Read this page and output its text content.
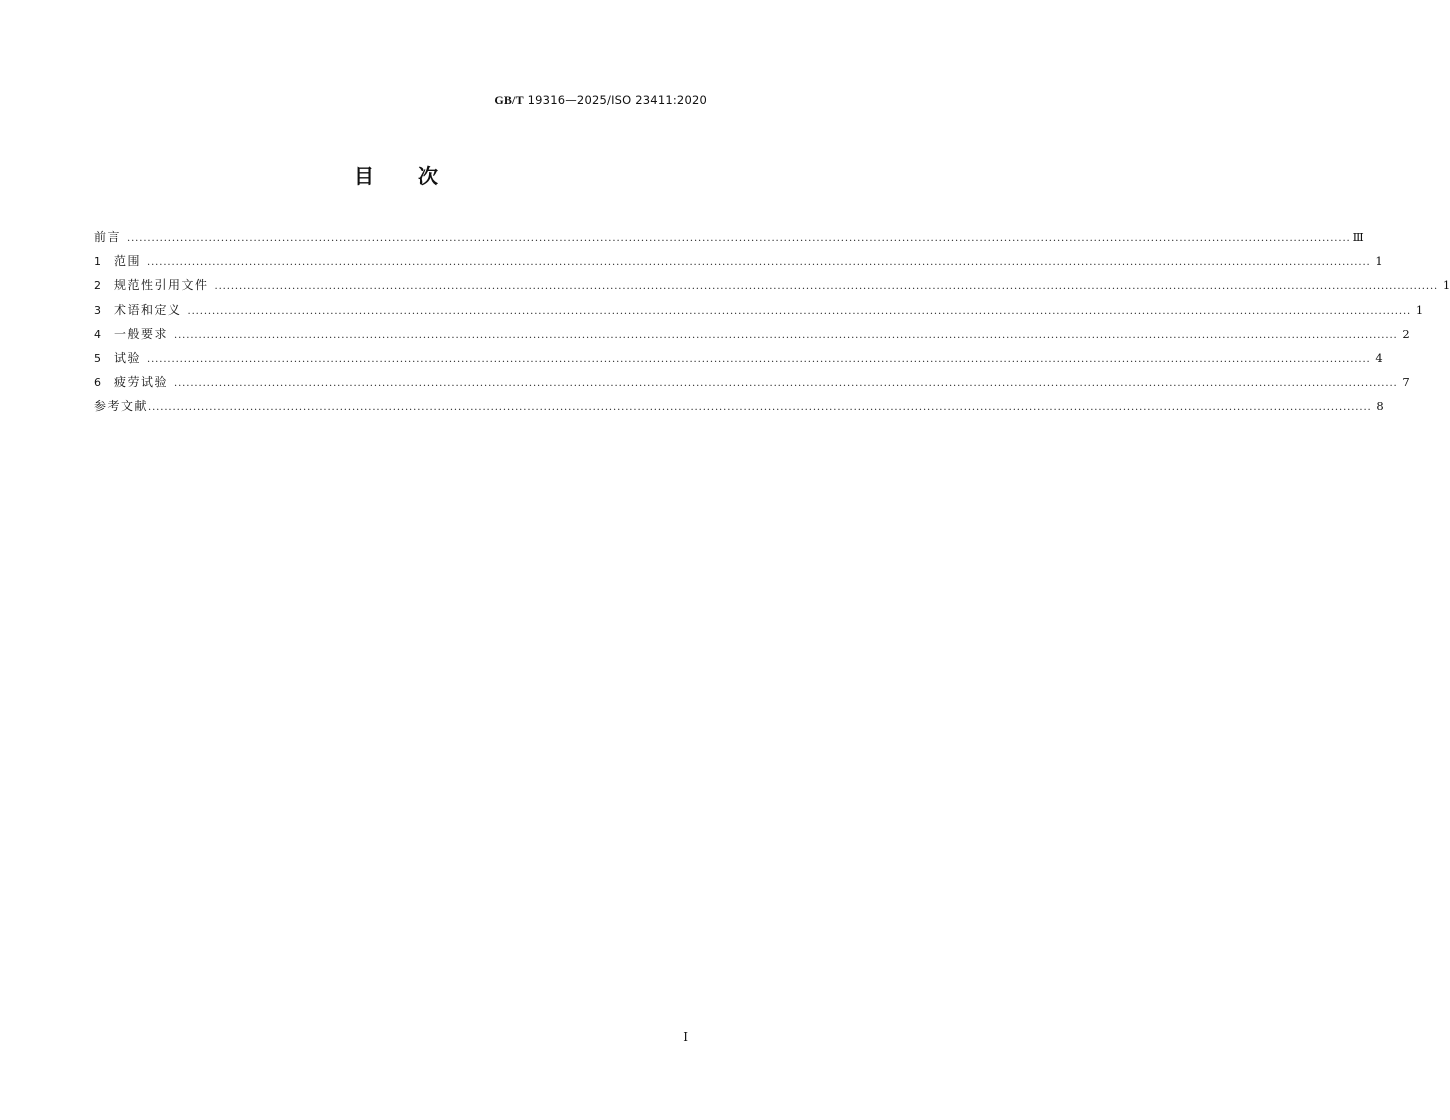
GB/T 19316—2025/ISO 23411:2020
目次
前言 ............................................................................................................................................................................................................................................................................................................ Ⅲ
1	范围 ............................................................................................................................................................................................................................................................................................................ 1
2	规范性引用文件 ............................................................................................................................................................................................................................................................................................................ 1
3	术语和定义 ............................................................................................................................................................................................................................................................................................................ 1
4	一般要求 ............................................................................................................................................................................................................................................................................................................ 2
5	试验 ............................................................................................................................................................................................................................................................................................................ 4
6	疲劳试验 ............................................................................................................................................................................................................................................................................................................ 7
参考文献 ............................................................................................................................................................................................................................................................................................................ 8
I
